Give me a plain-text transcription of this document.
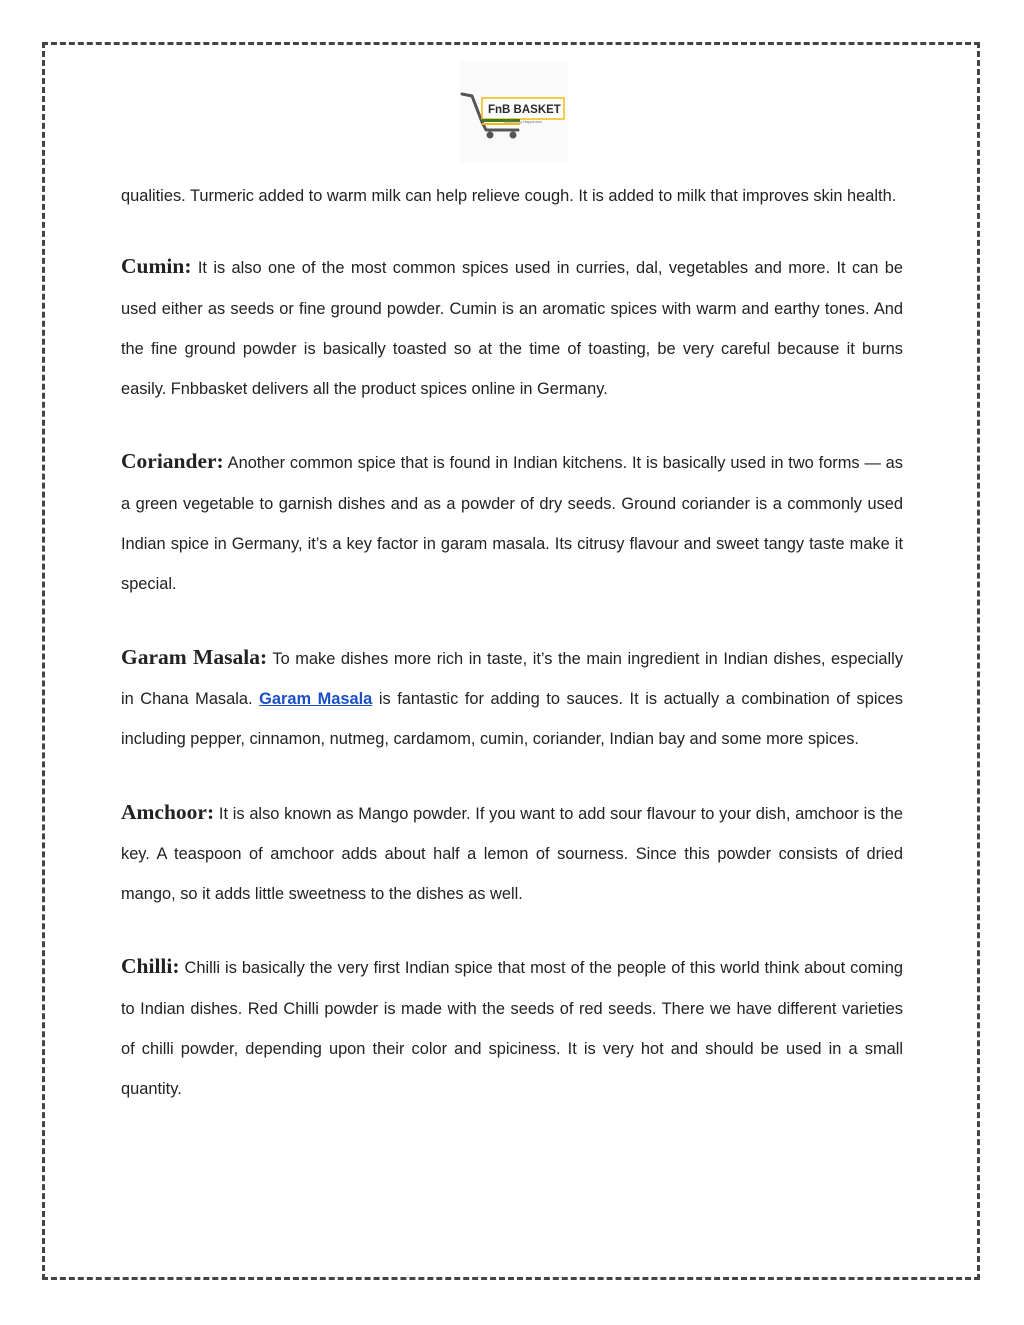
FnB BASKET
Delivering Happiness

qualities. Turmeric added to warm milk can help relieve cough. It is added to milk that improves skin health.

Cumin: It is also one of the most common spices used in curries, dal, vegetables and more. It can be used either as seeds or fine ground powder. Cumin is an aromatic spices with warm and earthy tones. And the fine ground powder is basically toasted so at the time of toasting, be very careful because it burns easily. Fnbbasket delivers all the product spices online in Germany.

Coriander: Another common spice that is found in Indian kitchens. It is basically used in two forms — as a green vegetable to garnish dishes and as a powder of dry seeds. Ground coriander is a commonly used Indian spice in Germany, it’s a key factor in garam masala. Its citrusy flavour and sweet tangy taste make it special.

Garam Masala: To make dishes more rich in taste, it’s the main ingredient in Indian dishes, especially in Chana Masala. Garam Masala is fantastic for adding to sauces. It is actually a combination of spices including pepper, cinnamon, nutmeg, cardamom, cumin, coriander, Indian bay and some more spices.

Amchoor: It is also known as Mango powder. If you want to add sour flavour to your dish, amchoor is the key. A teaspoon of amchoor adds about half a lemon of sourness. Since this powder consists of dried mango, so it adds little sweetness to the dishes as well.

Chilli: Chilli is basically the very first Indian spice that most of the people of this world think about coming to Indian dishes. Red Chilli powder is made with the seeds of red seeds. There we have different varieties of chilli powder, depending upon their color and spiciness. It is very hot and should be used in a small quantity.
